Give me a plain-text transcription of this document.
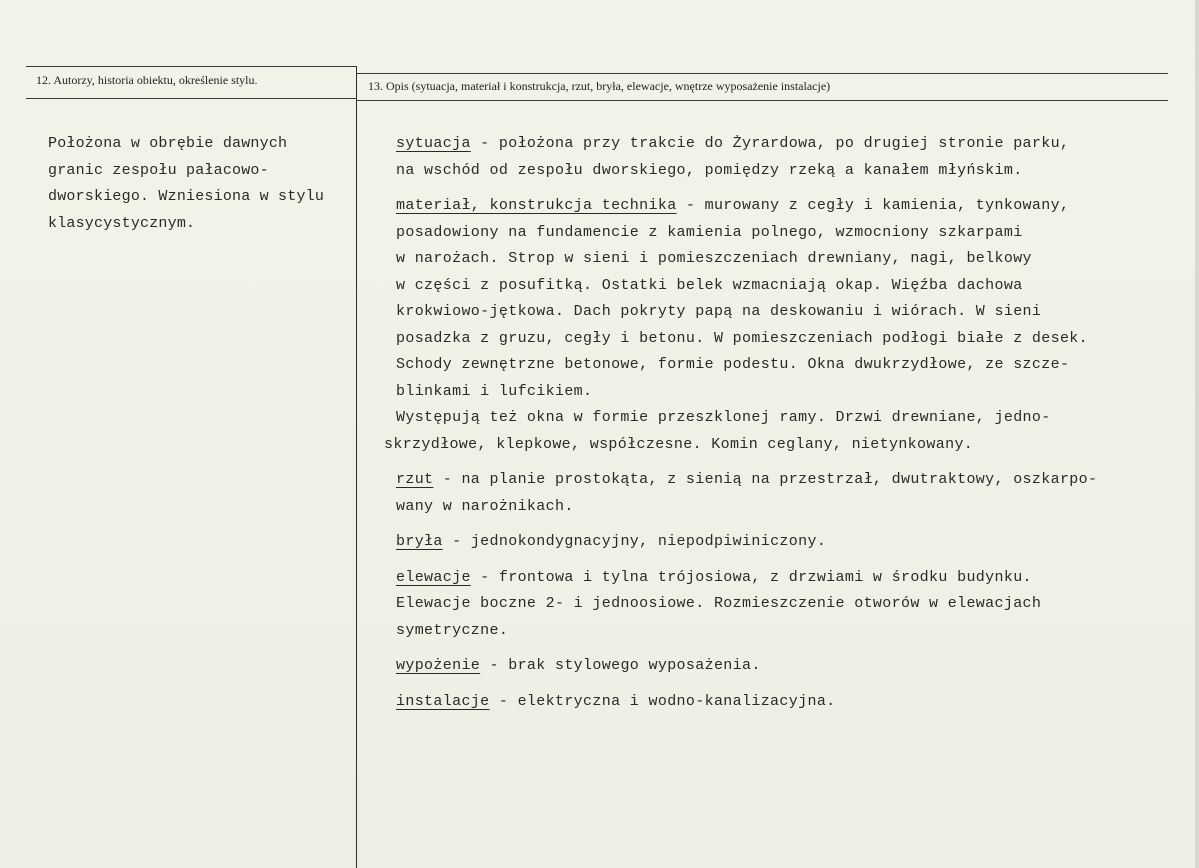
12. Autorzy, historia obiektu, określenie stylu.	13. Opis (sytuacja, materiał i konstrukcja, rzut, bryła, elewacje, wnętrze wyposażenie instalacje)
Położona w obrębie dawnych
granic zespołu pałacowo-
dworskiego. Wzniesiona w stylu
klasycystycznym.
sytuacja - położona przy trakcie do Żyrardowa, po drugiej stronie parku,
na wschód od zespołu dworskiego, pomiędzy rzeką a kanałem młyńskim.
materiał, konstrukcja technika - murowany z cegły i kamienia, tynkowany,
posadowiony na fundamencie z kamienia polnego, wzmocniony szkarpami
w narożach. Strop w sieni i pomieszczeniach drewniany, nagi, belkowy
w części z posufitką. Ostatki belek wzmacniają okap. Więźba dachowa
krokwiowo-jętkowa. Dach pokryty papą na deskowaniu i wiórach. W sieni
posadzka z gruzu, cegły i betonu. W pomieszczeniach podłogi białe z desek.
Schody zewnętrzne betonowe, formie podestu. Okna dwukrzydłowe, ze szcze-
blinkami i lufcikiem.
Występują też okna w formie przeszklonej ramy. Drzwi drewniane, jedno-
skrzydłowe, klepkowe, współczesne. Komin ceglany, nietynkowany.
rzut - na planie prostokąta, z sienią na przestrzał, dwutraktowy, oszkarpo-
wany w narożnikach.
bryła - jednokondygnacyjny, niepodpiwiniczony.
elewacje - frontowa i tylna trójosiowa, z drzwiami w środku budynku.
Elewacje boczne 2- i jednoosiowe. Rozmieszczenie otworów w elewacjach
symetryczne.
wypożenie - brak stylowego wyposażenia.
instalacje - elektryczna i wodno-kanalizacyjna.
